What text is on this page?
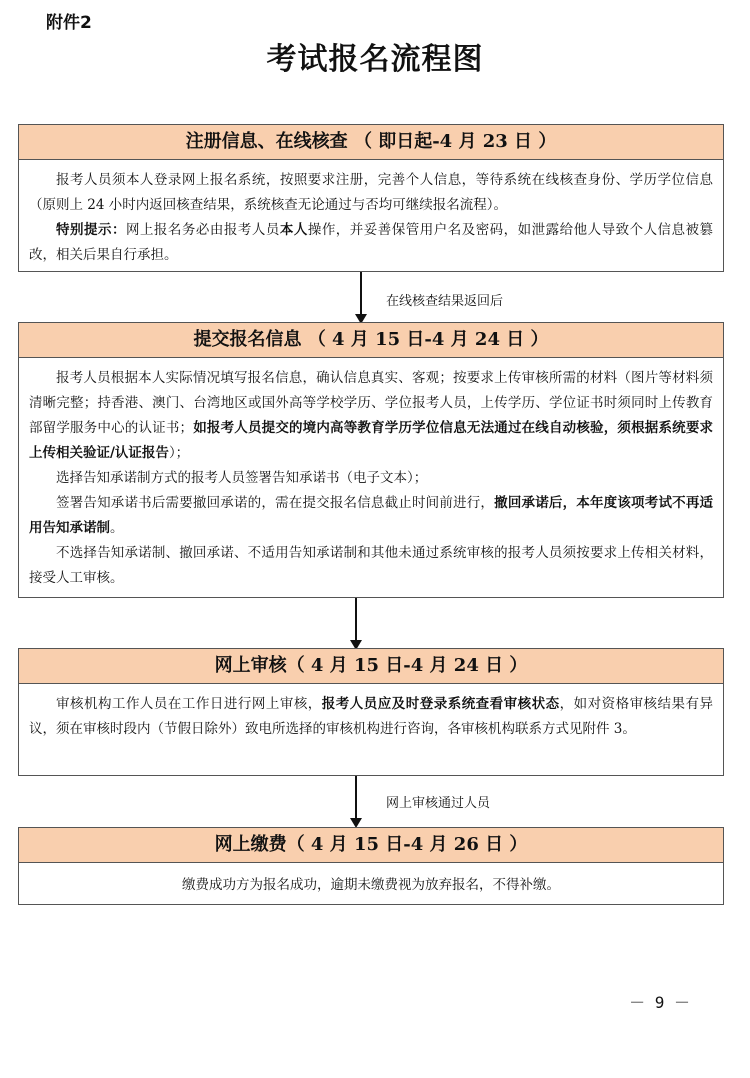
附件2
考试报名流程图
注册信息、在线核查 （ 即日起-4 月 23 日 ）

报考人员须本人登录网上报名系统，按照要求注册，完善个人信息，等待系统在线核查身份、学历学位信息（原则上 24 小时内返回核查结果，系统核查无论通过与否均可继续报名流程）。

特别提示：网上报名务必由报考人员本人操作，并妥善保管用户名及密码，如泄露给他人导致个人信息被篡改，相关后果自行承担。

在线核查结果返回后
提交报名信息 （ 4 月 15 日-4 月 24 日 ）

报考人员根据本人实际情况填写报名信息，确认信息真实、客观；按要求上传审核所需的材料（图片等材料须清晰完整；持香港、澳门、台湾地区或国外高等学校学历、学位报考人员，上传学历、学位证书时须同时上传教育部留学服务中心的认证书；如报考人员提交的境内高等教育学历学位信息无法通过在线自动核验，须根据系统要求上传相关验证/认证报告）；

选择告知承诺制方式的报考人员签署告知承诺书（电子文本）；

签署告知承诺书后需要撤回承诺的，需在提交报名信息截止时间前进行，撤回承诺后，本年度该项考试不再适用告知承诺制。

不选择告知承诺制、撤回承诺、不适用告知承诺制和其他未通过系统审核的报考人员须按要求上传相关材料，接受人工审核。

网上审核（ 4 月 15 日-4 月 24 日 ）

审核机构工作人员在工作日进行网上审核，报考人员应及时登录系统查看审核状态，如对资格审核结果有异议，须在审核时段内（节假日除外）致电所选择的审核机构进行咨询，各审核机构联系方式见附件 3。

网上审核通过人员
网上缴费（ 4 月 15 日-4 月 26 日 ）

缴费成功方为报名成功，逾期未缴费视为放弃报名，不得补缴。

－ 9 －
